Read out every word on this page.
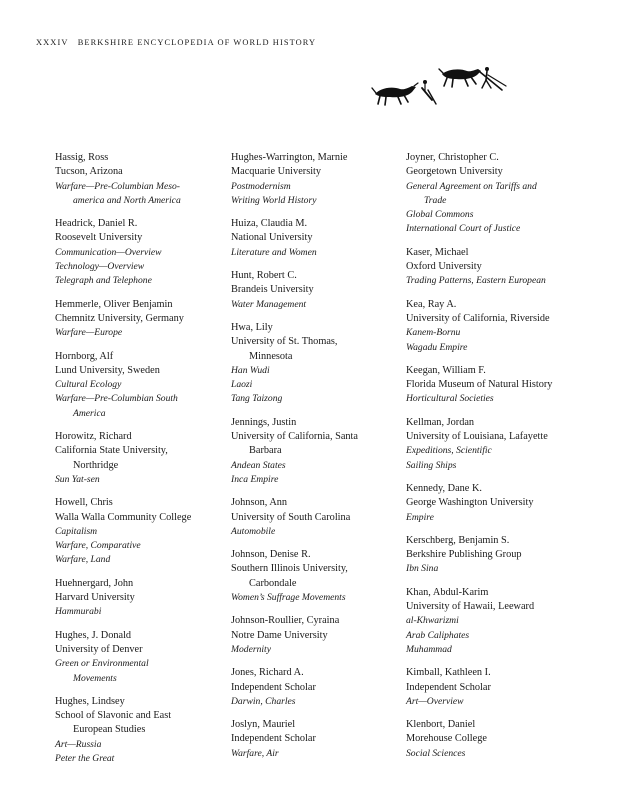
XXXIV BERKSHIRE ENCYCLOPEDIA OF WORLD HISTORY
Hassig, Ross
Tucson, Arizona
Warfare—Pre-Columbian Meso-
america and North America
Headrick, Daniel R.
Roosevelt University
Communication—Overview
Technology—Overview
Telegraph and Telephone
Hemmerle, Oliver Benjamin
Chemnitz University, Germany
Warfare—Europe
Hornborg, Alf
Lund University, Sweden
Cultural Ecology
Warfare—Pre-Columbian South
America
Horowitz, Richard
California State University,
Northridge
Sun Yat-sen
Howell, Chris
Walla Walla Community College
Capitalism
Warfare, Comparative
Warfare, Land
Huehnergard, John
Harvard University
Hammurabi
Hughes, J. Donald
University of Denver
Green or Environmental
Movements
Hughes, Lindsey
School of Slavonic and East
European Studies
Art—Russia
Peter the Great
Hughes-Warrington, Marnie
Macquarie University
Postmodernism
Writing World History
Huiza, Claudia M.
National University
Literature and Women
Hunt, Robert C.
Brandeis University
Water Management
Hwa, Lily
University of St. Thomas,
Minnesota
Han Wudi
Laozi
Tang Taizong
Jennings, Justin
University of California, Santa
Barbara
Andean States
Inca Empire
Johnson, Ann
University of South Carolina
Automobile
Johnson, Denise R.
Southern Illinois University,
Carbondale
Women’s Suffrage Movements
Johnson-Roullier, Cyraina
Notre Dame University
Modernity
Jones, Richard A.
Independent Scholar
Darwin, Charles
Joslyn, Mauriel
Independent Scholar
Warfare, Air
Joyner, Christopher C.
Georgetown University
General Agreement on Tariffs and
Trade
Global Commons
International Court of Justice
Kaser, Michael
Oxford University
Trading Patterns, Eastern European
Kea, Ray A.
University of California, Riverside
Kanem-Bornu
Wagadu Empire
Keegan, William F.
Florida Museum of Natural History
Horticultural Societies
Kellman, Jordan
University of Louisiana, Lafayette
Expeditions, Scientific
Sailing Ships
Kennedy, Dane K.
George Washington University
Empire
Kerschberg, Benjamin S.
Berkshire Publishing Group
Ibn Sina
Khan, Abdul-Karim
University of Hawaii, Leeward
al-Khwarizmi
Arab Caliphates
Muhammad
Kimball, Kathleen I.
Independent Scholar
Art—Overview
Klenbort, Daniel
Morehouse College
Social Sciences
